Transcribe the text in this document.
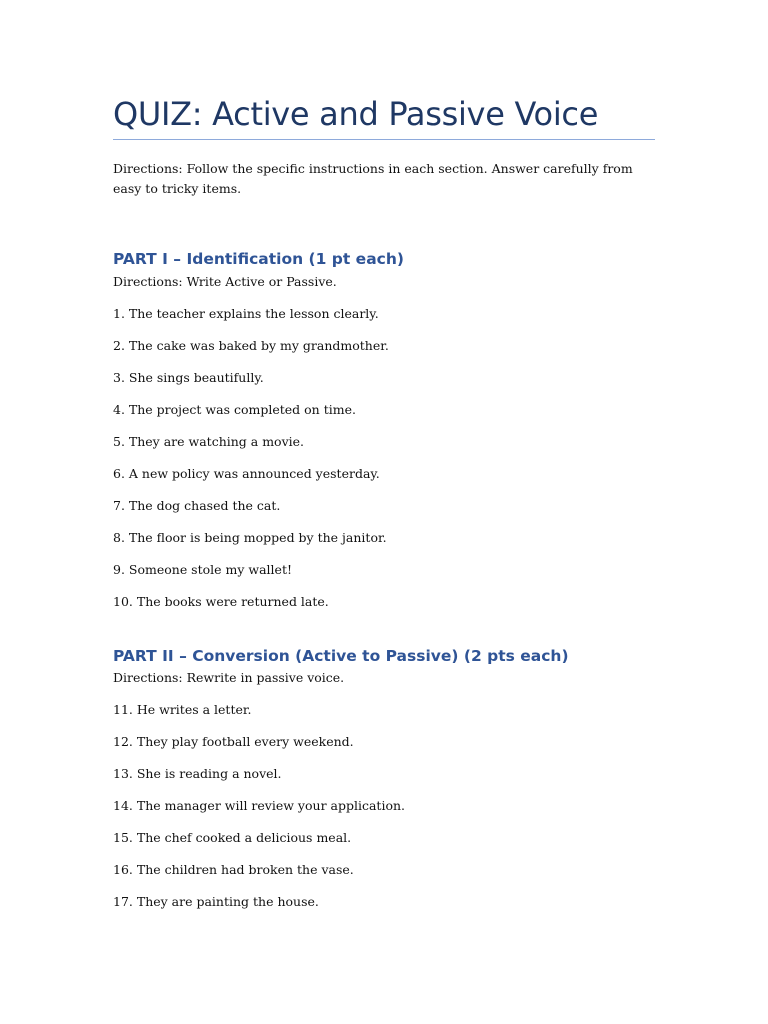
QUIZ: Active and Passive Voice

Directions: Follow the specific instructions in each section. Answer carefully from easy to tricky items.

PART I – Identification (1 pt each)

Directions: Write Active or Passive.

1. The teacher explains the lesson clearly.
2. The cake was baked by my grandmother.
3. She sings beautifully.
4. The project was completed on time.
5. They are watching a movie.
6. A new policy was announced yesterday.
7. The dog chased the cat.
8. The floor is being mopped by the janitor.
9. Someone stole my wallet!
10. The books were returned late.
PART II – Conversion (Active to Passive) (2 pts each)

Directions: Rewrite in passive voice.

11. He writes a letter.
12. They play football every weekend.
13. She is reading a novel.
14. The manager will review your application.
15. The chef cooked a delicious meal.
16. The children had broken the vase.
17. They are painting the house.
